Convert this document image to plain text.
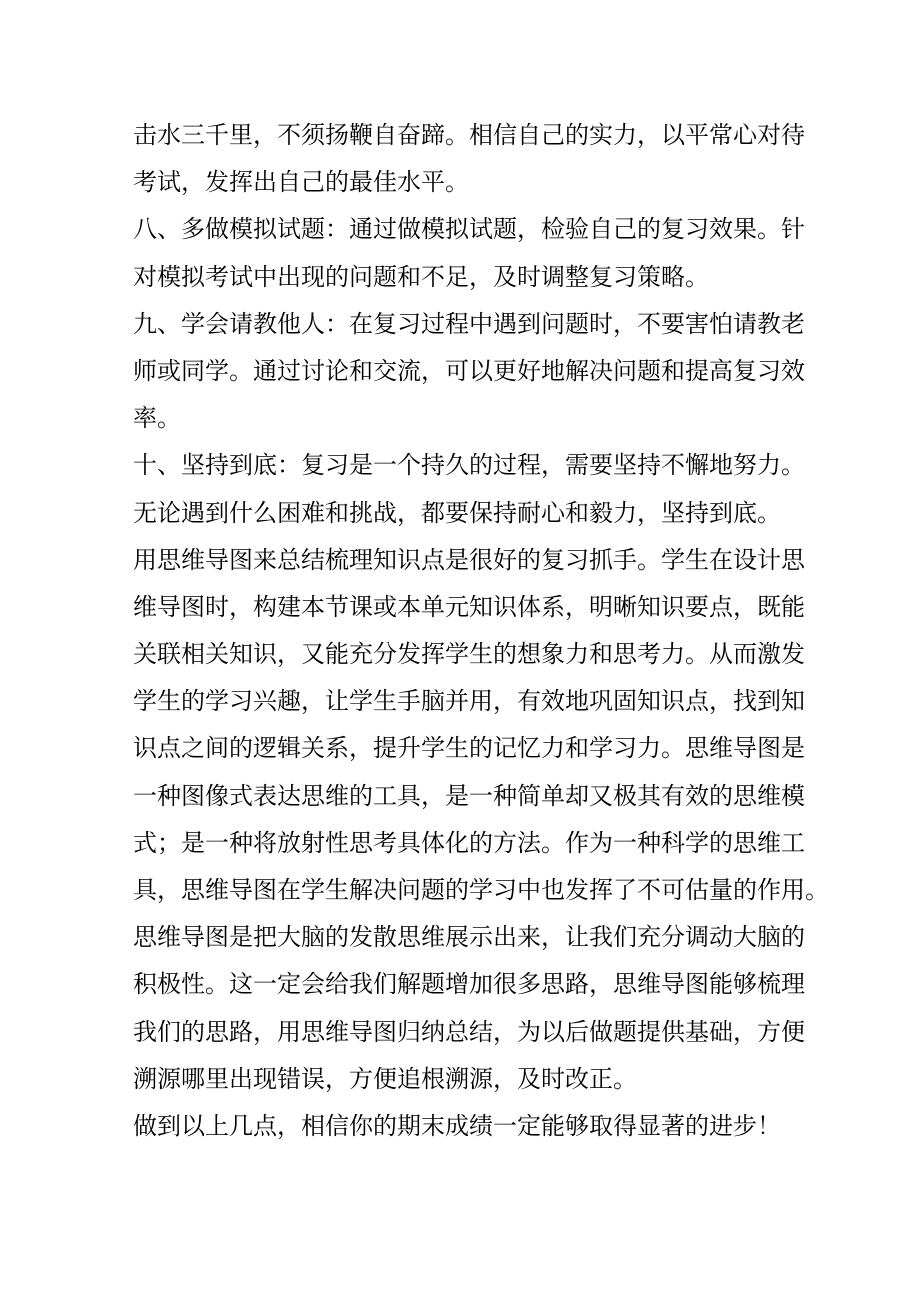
击水三千里，不须扬鞭自奋蹄。相信自己的实力，以平常心对待
考试，发挥出自己的最佳水平。
八、多做模拟试题：通过做模拟试题，检验自己的复习效果。针
对模拟考试中出现的问题和不足，及时调整复习策略。
九、学会请教他人：在复习过程中遇到问题时，不要害怕请教老
师或同学。通过讨论和交流，可以更好地解决问题和提高复习效
率。
十、坚持到底：复习是一个持久的过程，需要坚持不懈地努力。
无论遇到什么困难和挑战，都要保持耐心和毅力，坚持到底。
用思维导图来总结梳理知识点是很好的复习抓手。学生在设计思
维导图时，构建本节课或本单元知识体系，明晰知识要点，既能
关联相关知识，又能充分发挥学生的想象力和思考力。从而激发
学生的学习兴趣，让学生手脑并用，有效地巩固知识点，找到知
识点之间的逻辑关系，提升学生的记忆力和学习力。思维导图是
一种图像式表达思维的工具，是一种简单却又极其有效的思维模
式；是一种将放射性思考具体化的方法。作为一种科学的思维工
具，思维导图在学生解决问题的学习中也发挥了不可估量的作用。
思维导图是把大脑的发散思维展示出来，让我们充分调动大脑的
积极性。这一定会给我们解题增加很多思路，思维导图能够梳理
我们的思路，用思维导图归纳总结，为以后做题提供基础，方便
溯源哪里出现错误，方便追根溯源，及时改正。
做到以上几点，相信你的期末成绩一定能够取得显著的进步！
